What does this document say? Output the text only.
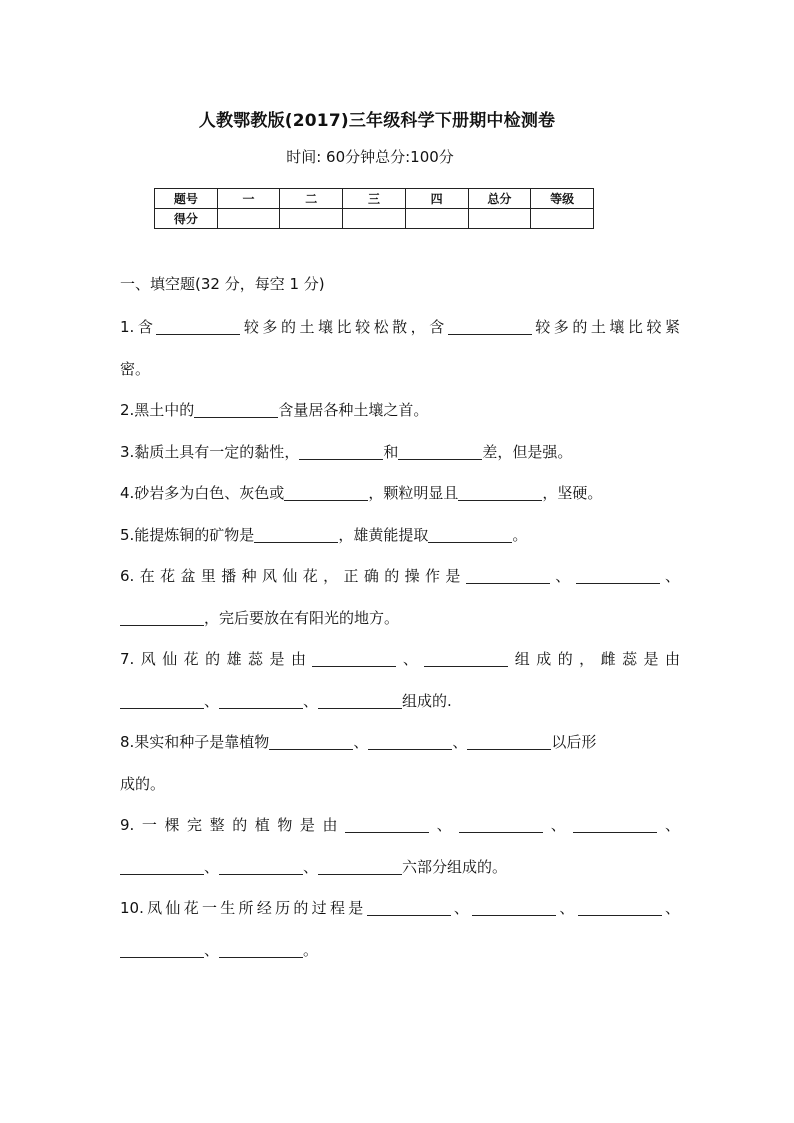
人教鄂教版(2017)三年级科学下册期中检测卷
时间: 60分钟总分:100分
题号	一	二	三	四	总分	等级
得分						
一、填空题(32 分，每空 1 分)

1.含	较多的土壤比较松散，含	较多的土壤比较紧

密。

2.黑土中的	含量居各种土壤之首。

3.黏质土具有一定的黏性，	和	差，但是强。

4.砂岩多为白色、灰色或	，颗粒明显且	，坚硬。

5.能提炼铜的矿物是	，雄黄能提取	。

6.在花盆里播种风仙花，正确的操作是	、	、

，完后要放在有阳光的地方。

7.风仙花的雄蕊是由	、	组成的，雌蕊是由

、	、	组成的.

8.果实和种子是靠植物	、	、	以后形

成的。

9.一棵完整的植物是由	、	、	、

、	、	六部分组成的。

10.凤仙花一生所经历的过程是	、	、	、

、	。
